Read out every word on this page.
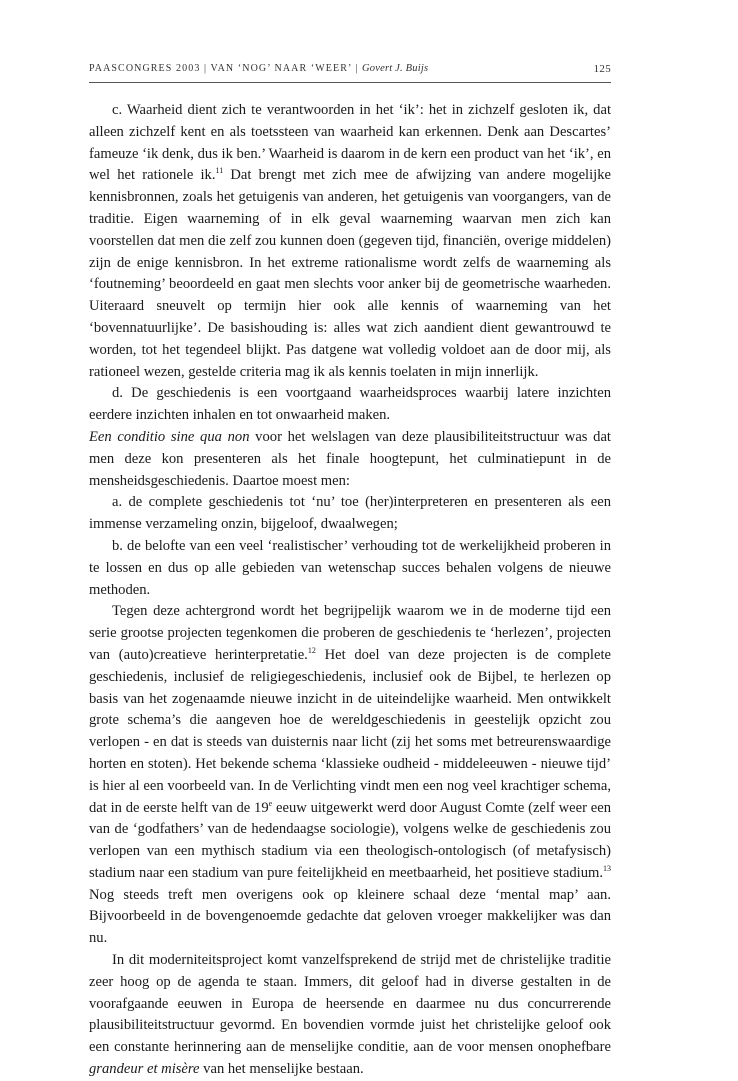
PAASCONGRES 2003 | VAN ‘NOG’ NAAR ‘WEER’ | Govert J. Buijs	125

c. Waarheid dient zich te verantwoorden in het ‘ik’: het in zichzelf gesloten ik, dat alleen zichzelf kent en als toetssteen van waarheid kan erkennen. Denk aan Descartes’ fameuze ‘ik denk, dus ik ben.’ Waarheid is daarom in de kern een product van het ‘ik’, en wel het rationele ik.$^{11}$ Dat brengt met zich mee de afwijzing van andere mogelijke kennisbronnen, zoals het getuigenis van anderen, het getuigenis van voorgangers, van de traditie. Eigen waarneming of in elk geval waarneming waarvan men zich kan voorstellen dat men die zelf zou kunnen doen (gegeven tijd, financiën, overige middelen) zijn de enige kennisbron. In het extreme rationalisme wordt zelfs de waarneming als ‘foutneming’ beoordeeld en gaat men slechts voor anker bij de geometrische waarheden. Uiteraard sneuvelt op termijn hier ook alle kennis of waarneming van het ‘bovennatuurlijke’. De basishouding is: alles wat zich aandient dient gewantrouwd te worden, tot het tegendeel blijkt. Pas datgene wat volledig voldoet aan de door mij, als rationeel wezen, gestelde criteria mag ik als kennis toelaten in mijn innerlijk.

d. De geschiedenis is een voortgaand waarheidsproces waarbij latere inzichten eerdere inzichten inhalen en tot onwaarheid maken.

Een conditio sine qua non voor het welslagen van deze plausibiliteitstructuur was dat men deze kon presenteren als het finale hoogtepunt, het culminatiepunt in de mensheidsgeschiedenis. Daartoe moest men:

a. de complete geschiedenis tot ‘nu’ toe (her)interpreteren en presenteren als een immense verzameling onzin, bijgeloof, dwaalwegen;

b. de belofte van een veel ‘realistischer’ verhouding tot de werkelijkheid proberen in te lossen en dus op alle gebieden van wetenschap succes behalen volgens de nieuwe methoden.

Tegen deze achtergrond wordt het begrijpelijk waarom we in de moderne tijd een serie grootse projecten tegenkomen die proberen de geschiedenis te ‘herlezen’, projecten van (auto)creatieve herinterpretatie.$^{12}$ Het doel van deze projecten is de complete geschiedenis, inclusief de religiegeschiedenis, inclusief ook de Bijbel, te herlezen op basis van het zogenaamde nieuwe inzicht in de uiteindelijke waarheid. Men ontwikkelt grote schema’s die aangeven hoe de wereldgeschiedenis in geestelijk opzicht zou verlopen - en dat is steeds van duisternis naar licht (zij het soms met betreurenswaardige horten en stoten). Het bekende schema ‘klassieke oudheid - middeleeuwen - nieuwe tijd’ is hier al een voorbeeld van. In de Verlichting vindt men een nog veel krachtiger schema, dat in de eerste helft van de 19e eeuw uitgewerkt werd door August Comte (zelf weer een van de ‘godfathers’ van de hedendaagse sociologie), volgens welke de geschiedenis zou verlopen van een mythisch stadium via een theologisch-ontologisch (of metafysisch) stadium naar een stadium van pure feitelijkheid en meetbaarheid, het positieve stadium.$^{13}$ Nog steeds treft men overigens ook op kleinere schaal deze ‘mental map’ aan. Bijvoorbeeld in de bovengenoemde gedachte dat geloven vroeger makkelijker was dan nu.

In dit moderniteitsproject komt vanzelfsprekend de strijd met de christelijke traditie zeer hoog op de agenda te staan. Immers, dit geloof had in diverse gestalten in de voorafgaande eeuwen in Europa de heersende en daarmee nu dus concurrerende plausibiliteitstructuur gevormd. En bovendien vormde juist het christelijke geloof ook een constante herinnering aan de menselijke conditie, aan de voor mensen onophefbare grandeur et misère van het menselijke bestaan.
